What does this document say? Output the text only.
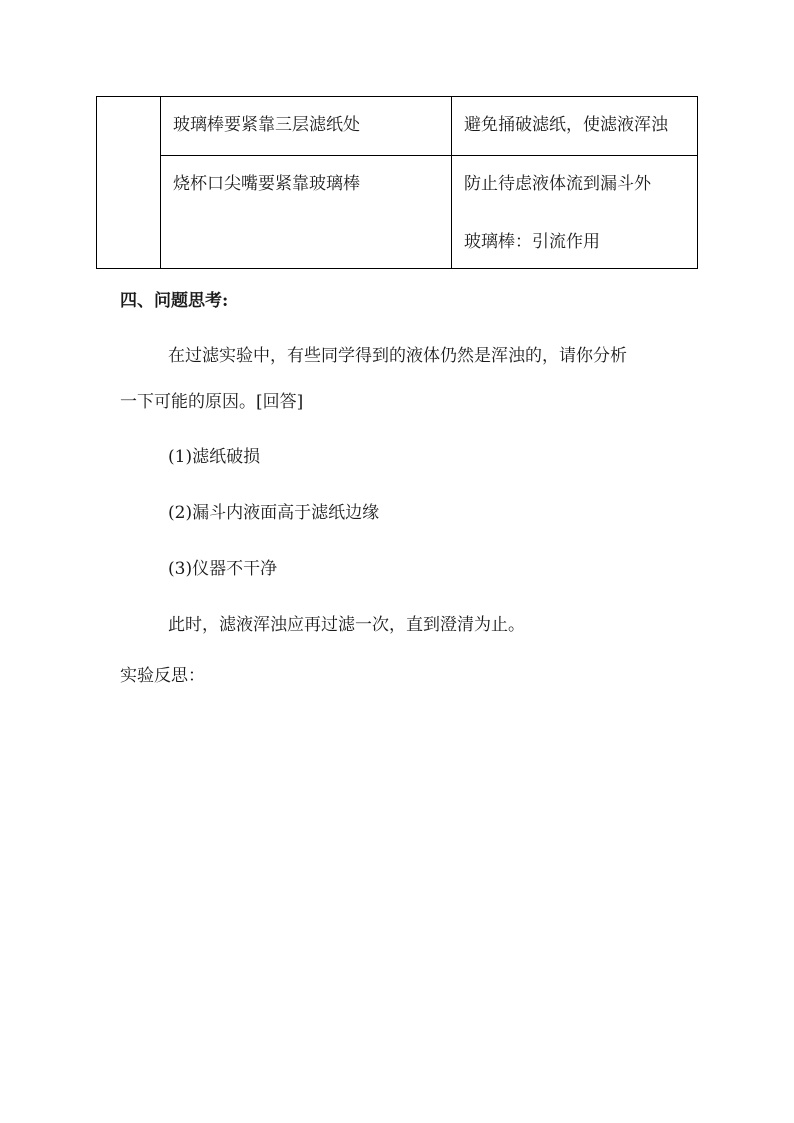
	玻璃棒要紧靠三层滤纸处	避免捅破滤纸，使滤液浑浊

	烧杯口尖嘴要紧靠玻璃棒	防止待虑液体流到漏斗外
玻璃棒：引流作用
四、问题思考:
在过滤实验中，有些同学得到的液体仍然是浑浊的，请你分析
一下可能的原因。[回答]
(1)滤纸破损
(2)漏斗内液面高于滤纸边缘
(3)仪器不干净
此时，滤液浑浊应再过滤一次，直到澄清为止。
实验反思：
